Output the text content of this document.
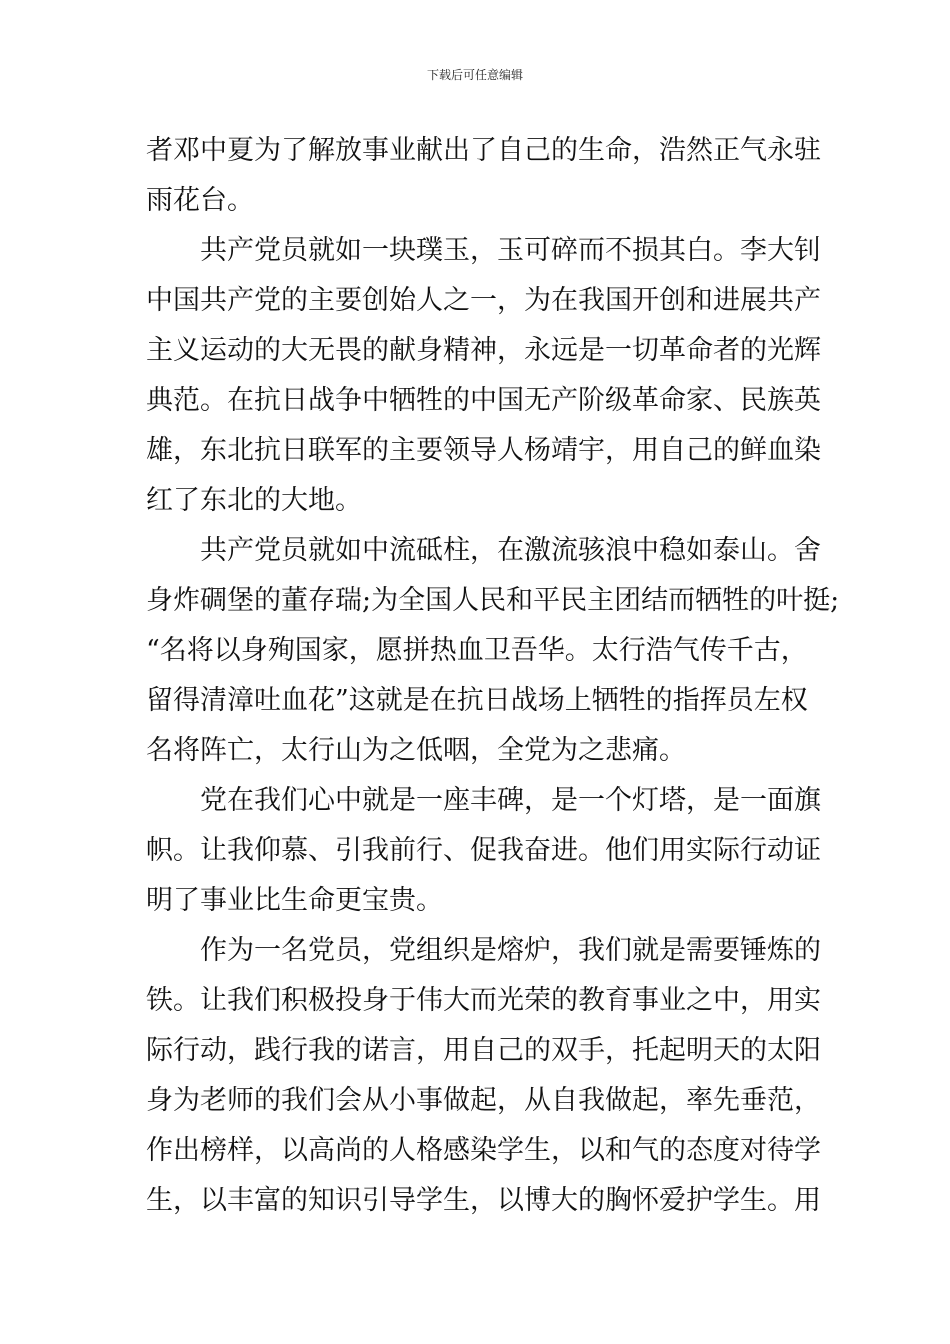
下载后可任意编辑
者邓中夏为了解放事业献出了自己的生命，浩然正气永驻
雨花台。
共产党员就如一块璞玉，玉可碎而不损其白。李大钊
中国共产党的主要创始人之一，为在我国开创和进展共产
主义运动的大无畏的献身精神，永远是一切革命者的光辉
典范。在抗日战争中牺牲的中国无产阶级革命家、民族英
雄，东北抗日联军的主要领导人杨靖宇，用自己的鲜血染
红了东北的大地。
共产党员就如中流砥柱，在激流骇浪中稳如泰山。舍
身炸碉堡的董存瑞;为全国人民和平民主团结而牺牲的叶挺;
“名将以身殉国家，愿拼热血卫吾华。太行浩气传千古，
留得清漳吐血花”这就是在抗日战场上牺牲的指挥员左权
名将阵亡，太行山为之低咽，全党为之悲痛。
党在我们心中就是一座丰碑，是一个灯塔，是一面旗
帜。让我仰慕、引我前行、促我奋进。他们用实际行动证
明了事业比生命更宝贵。
作为一名党员，党组织是熔炉，我们就是需要锤炼的
铁。让我们积极投身于伟大而光荣的教育事业之中，用实
际行动，践行我的诺言，用自己的双手，托起明天的太阳
身为老师的我们会从小事做起，从自我做起，率先垂范，
作出榜样，以高尚的人格感染学生，以和气的态度对待学
生，以丰富的知识引导学生，以博大的胸怀爱护学生。用
